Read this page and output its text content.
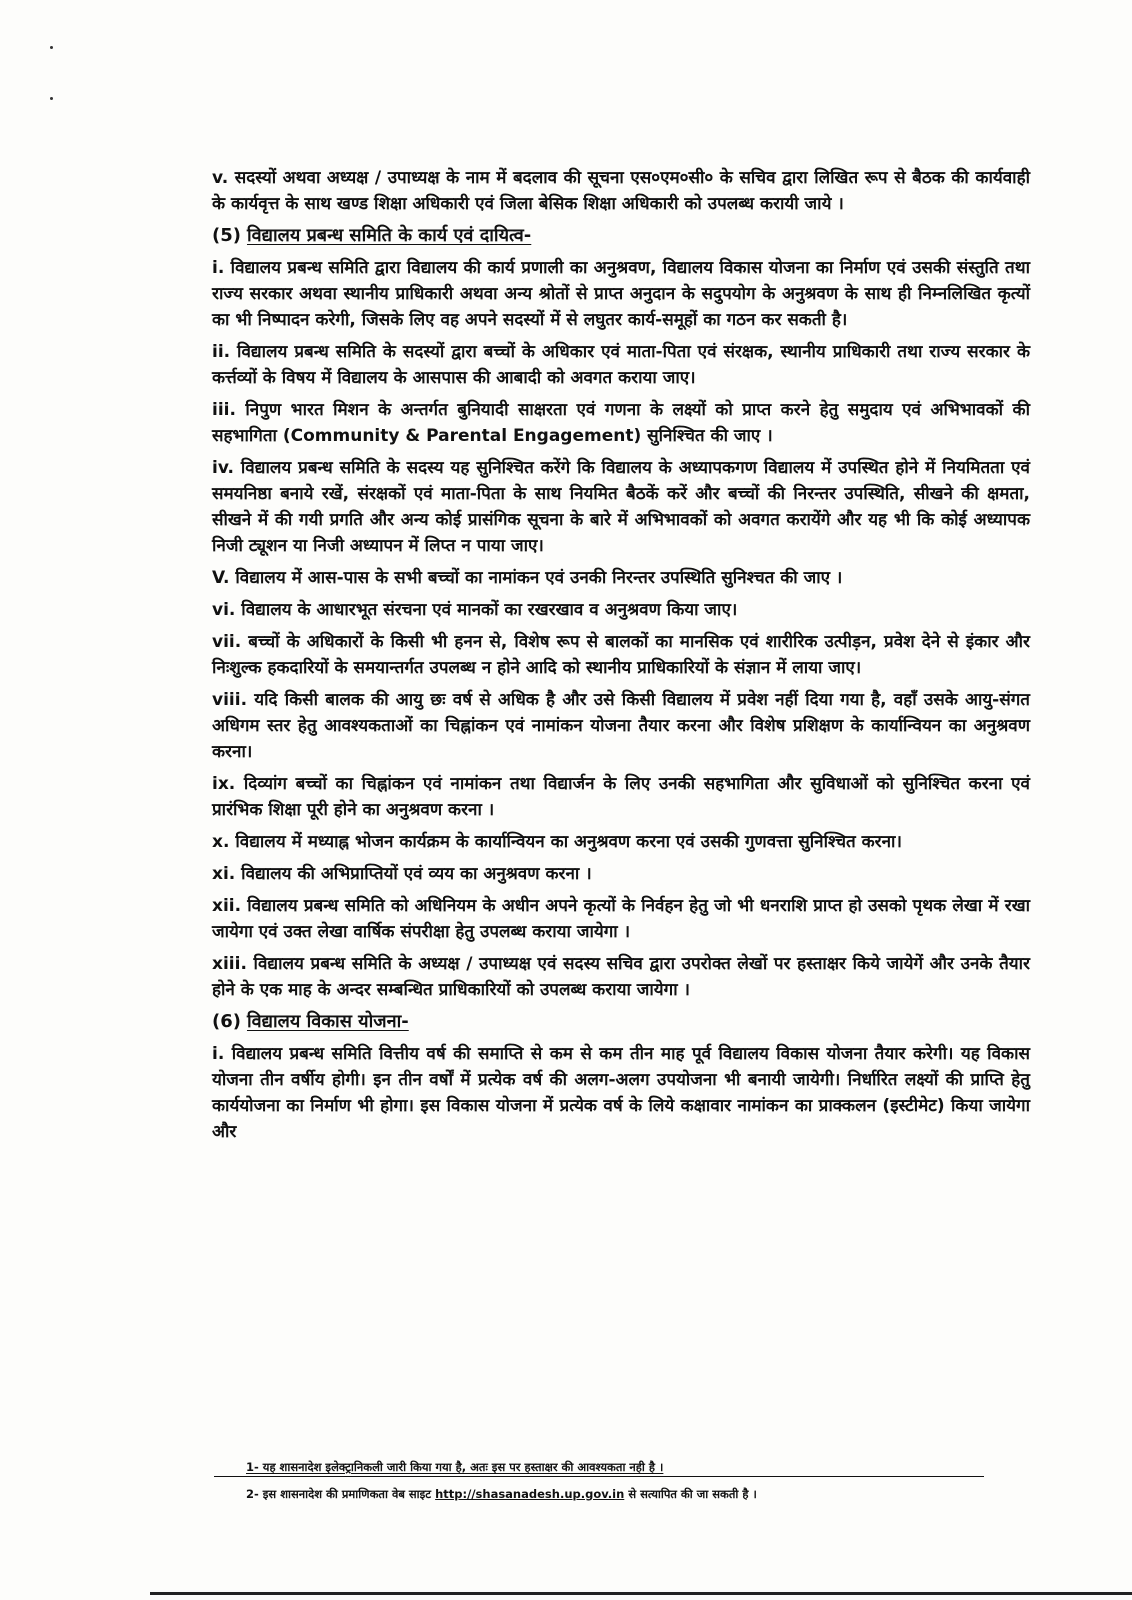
v. सदस्यों अथवा अध्यक्ष / उपाध्यक्ष के नाम में बदलाव की सूचना एस०एम०सी० के सचिव द्वारा लिखित रूप से बैठक की कार्यवाही के कार्यवृत्त के साथ खण्ड शिक्षा अधिकारी एवं जिला बेसिक शिक्षा अधिकारी को उपलब्ध करायी जाये ।

(5) विद्यालय प्रबन्ध समिति के कार्य एवं दायित्व-

i. विद्यालय प्रबन्ध समिति द्वारा विद्यालय की कार्य प्रणाली का अनुश्रवण, विद्यालय विकास योजना का निर्माण एवं उसकी संस्तुति तथा राज्य सरकार अथवा स्थानीय प्राधिकारी अथवा अन्य श्रोतों से प्राप्त अनुदान के सदुपयोग के अनुश्रवण के साथ ही निम्नलिखित कृत्यों का भी निष्पादन करेगी, जिसके लिए वह अपने सदस्यों में से लघुतर कार्य-समूहों का गठन कर सकती है।

ii. विद्यालय प्रबन्ध समिति के सदस्यों द्वारा बच्चों के अधिकार एवं माता-पिता एवं संरक्षक, स्थानीय प्राधिकारी तथा राज्य सरकार के कर्त्तव्यों के विषय में विद्यालय के आसपास की आबादी को अवगत कराया जाए।

iii. निपुण भारत मिशन के अन्तर्गत बुनियादी साक्षरता एवं गणना के लक्ष्यों को प्राप्त करने हेतु समुदाय एवं अभिभावकों की सहभागिता (Community & Parental Engagement) सुनिश्चित की जाए ।

iv. विद्यालय प्रबन्ध समिति के सदस्य यह सुनिश्चित करेंगे कि विद्यालय के अध्यापकगण विद्यालय में उपस्थित होने में नियमितता एवं समयनिष्ठा बनाये रखें, संरक्षकों एवं माता-पिता के साथ नियमित बैठकें करें और बच्चों की निरन्तर उपस्थिति, सीखने की क्षमता, सीखने में की गयी प्रगति और अन्य कोई प्रासंगिक सूचना के बारे में अभिभावकों को अवगत करायेंगे और यह भी कि कोई अध्यापक निजी ट्यूशन या निजी अध्यापन में लिप्त न पाया जाए।

V. विद्यालय में आस-पास के सभी बच्चों का नामांकन एवं उनकी निरन्तर उपस्थिति सुनिश्चत की जाए ।

vi. विद्यालय के आधारभूत संरचना एवं मानकों का रखरखाव व अनुश्रवण किया जाए।

vii. बच्चों के अधिकारों के किसी भी हनन से, विशेष रूप से बालकों का मानसिक एवं शारीरिक उत्पीड़न, प्रवेश देने से इंकार और निःशुल्क हकदारियों के समयान्तर्गत उपलब्ध न होने आदि को स्थानीय प्राधिकारियों के संज्ञान में लाया जाए।

viii. यदि किसी बालक की आयु छः वर्ष से अधिक है और उसे किसी विद्यालय में प्रवेश नहीं दिया गया है, वहाँ उसके आयु-संगत अधिगम स्तर हेतु आवश्यकताओं का चिह्नांकन एवं नामांकन योजना तैयार करना और विशेष प्रशिक्षण के कार्यान्वियन का अनुश्रवण करना।

ix. दिव्यांग बच्चों का चिह्नांकन एवं नामांकन तथा विद्यार्जन के लिए उनकी सहभागिता और सुविधाओं को सुनिश्चित करना एवं प्रारंभिक शिक्षा पूरी होने का अनुश्रवण करना ।

x. विद्यालय में मध्याह्न भोजन कार्यक्रम के कार्यान्वियन का अनुश्रवण करना एवं उसकी गुणवत्ता सुनिश्चित करना।

xi. विद्यालय की अभिप्राप्तियों एवं व्यय का अनुश्रवण करना ।

xii. विद्यालय प्रबन्ध समिति को अधिनियम के अधीन अपने कृत्यों के निर्वहन हेतु जो भी धनराशि प्राप्त हो उसको पृथक लेखा में रखा जायेगा एवं उक्त लेखा वार्षिक संपरीक्षा हेतु उपलब्ध कराया जायेगा ।

xiii. विद्यालय प्रबन्ध समिति के अध्यक्ष / उपाध्यक्ष एवं सदस्य सचिव द्वारा उपरोक्त लेखों पर हस्ताक्षर किये जायेगें और उनके तैयार होने के एक माह के अन्दर सम्बन्धित प्राधिकारियों को उपलब्ध कराया जायेगा ।

(6) विद्यालय विकास योजना-

i. विद्यालय प्रबन्ध समिति वित्तीय वर्ष की समाप्ति से कम से कम तीन माह पूर्व विद्यालय विकास योजना तैयार करेगी। यह विकास योजना तीन वर्षीय होगी। इन तीन वर्षों में प्रत्येक वर्ष की अलग-अलग उपयोजना भी बनायी जायेगी। निर्धारित लक्ष्यों की प्राप्ति हेतु कार्ययोजना का निर्माण भी होगा। इस विकास योजना में प्रत्येक वर्ष के लिये कक्षावार नामांकन का प्राक्कलन (इस्टीमेट) किया जायेगा और

1- यह शासनादेश इलेक्ट्रानिकली जारी किया गया है, अतः इस पर हस्ताक्षर की आवश्यकता नही है ।
2- इस शासनादेश की प्रमाणिकता वेब साइट http://shasanadesh.up.gov.in से सत्यापित की जा सकती है ।
